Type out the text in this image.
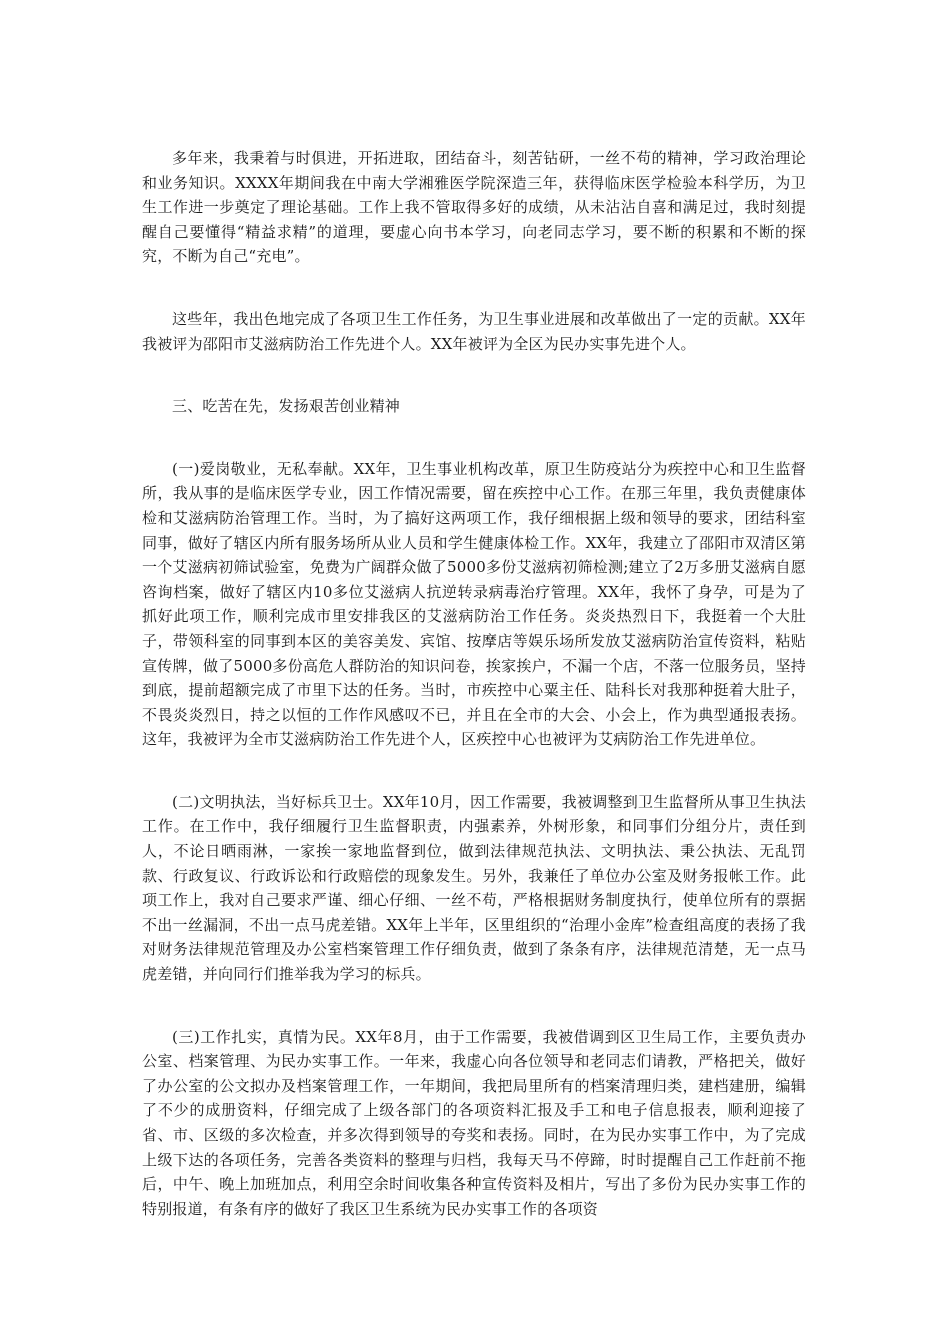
多年来，我秉着与时俱进，开拓进取，团结奋斗，刻苦钻研，一丝不苟的精神，学习政治理论和业务知识。XXXX年期间我在中南大学湘雅医学院深造三年，获得临床医学检验本科学历，为卫生工作进一步奠定了理论基础。工作上我不管取得多好的成绩，从未沾沾自喜和满足过，我时刻提醒自己要懂得“精益求精”的道理，要虚心向书本学习，向老同志学习，要不断的积累和不断的探究，不断为自己“充电”。

这些年，我出色地完成了各项卫生工作任务，为卫生事业进展和改革做出了一定的贡献。XX年我被评为邵阳市艾滋病防治工作先进个人。XX年被评为全区为民办实事先进个人。

三、吃苦在先，发扬艰苦创业精神

(一)爱岗敬业，无私奉献。XX年，卫生事业机构改革，原卫生防疫站分为疾控中心和卫生监督所，我从事的是临床医学专业，因工作情况需要，留在疾控中心工作。在那三年里，我负责健康体检和艾滋病防治管理工作。当时，为了搞好这两项工作，我仔细根据上级和领导的要求，团结科室同事，做好了辖区内所有服务场所从业人员和学生健康体检工作。XX年，我建立了邵阳市双清区第一个艾滋病初筛试验室，免费为广阔群众做了5000多份艾滋病初筛检测;建立了2万多册艾滋病自愿咨询档案，做好了辖区内10多位艾滋病人抗逆转录病毒治疗管理。XX年，我怀了身孕，可是为了抓好此项工作，顺利完成市里安排我区的艾滋病防治工作任务。炎炎热烈日下，我挺着一个大肚子，带领科室的同事到本区的美容美发、宾馆、按摩店等娱乐场所发放艾滋病防治宣传资料，粘贴宣传牌，做了5000多份高危人群防治的知识问卷，挨家挨户，不漏一个店，不落一位服务员，坚持到底，提前超额完成了市里下达的任务。当时，市疾控中心粟主任、陆科长对我那种挺着大肚子，不畏炎炎烈日，持之以恒的工作作风感叹不已，并且在全市的大会、小会上，作为典型通报表扬。这年，我被评为全市艾滋病防治工作先进个人，区疾控中心也被评为艾病防治工作先进单位。

(二)文明执法，当好标兵卫士。XX年10月，因工作需要，我被调整到卫生监督所从事卫生执法工作。在工作中，我仔细履行卫生监督职责，内强素养，外树形象，和同事们分组分片，责任到人，不论日晒雨淋，一家挨一家地监督到位，做到法律规范执法、文明执法、秉公执法、无乱罚款、行政复议、行政诉讼和行政赔偿的现象发生。另外，我兼任了单位办公室及财务报帐工作。此项工作上，我对自己要求严谨、细心仔细、一丝不苟，严格根据财务制度执行，使单位所有的票据不出一丝漏洞，不出一点马虎差错。XX年上半年，区里组织的“治理小金库”检查组高度的表扬了我对财务法律规范管理及办公室档案管理工作仔细负责，做到了条条有序，法律规范清楚，无一点马虎差错，并向同行们推举我为学习的标兵。

(三)工作扎实，真情为民。XX年8月，由于工作需要，我被借调到区卫生局工作，主要负责办公室、档案管理、为民办实事工作。一年来，我虚心向各位领导和老同志们请教，严格把关，做好了办公室的公文拟办及档案管理工作，一年期间，我把局里所有的档案清理归类，建档建册，编辑了不少的成册资料，仔细完成了上级各部门的各项资料汇报及手工和电子信息报表，顺利迎接了省、市、区级的多次检查，并多次得到领导的夸奖和表扬。同时，在为民办实事工作中，为了完成上级下达的各项任务，完善各类资料的整理与归档，我每天马不停蹄，时时提醒自己工作赶前不拖后，中午、晚上加班加点，利用空余时间收集各种宣传资料及相片，写出了多份为民办实事工作的特别报道，有条有序的做好了我区卫生系统为民办实事工作的各项资
